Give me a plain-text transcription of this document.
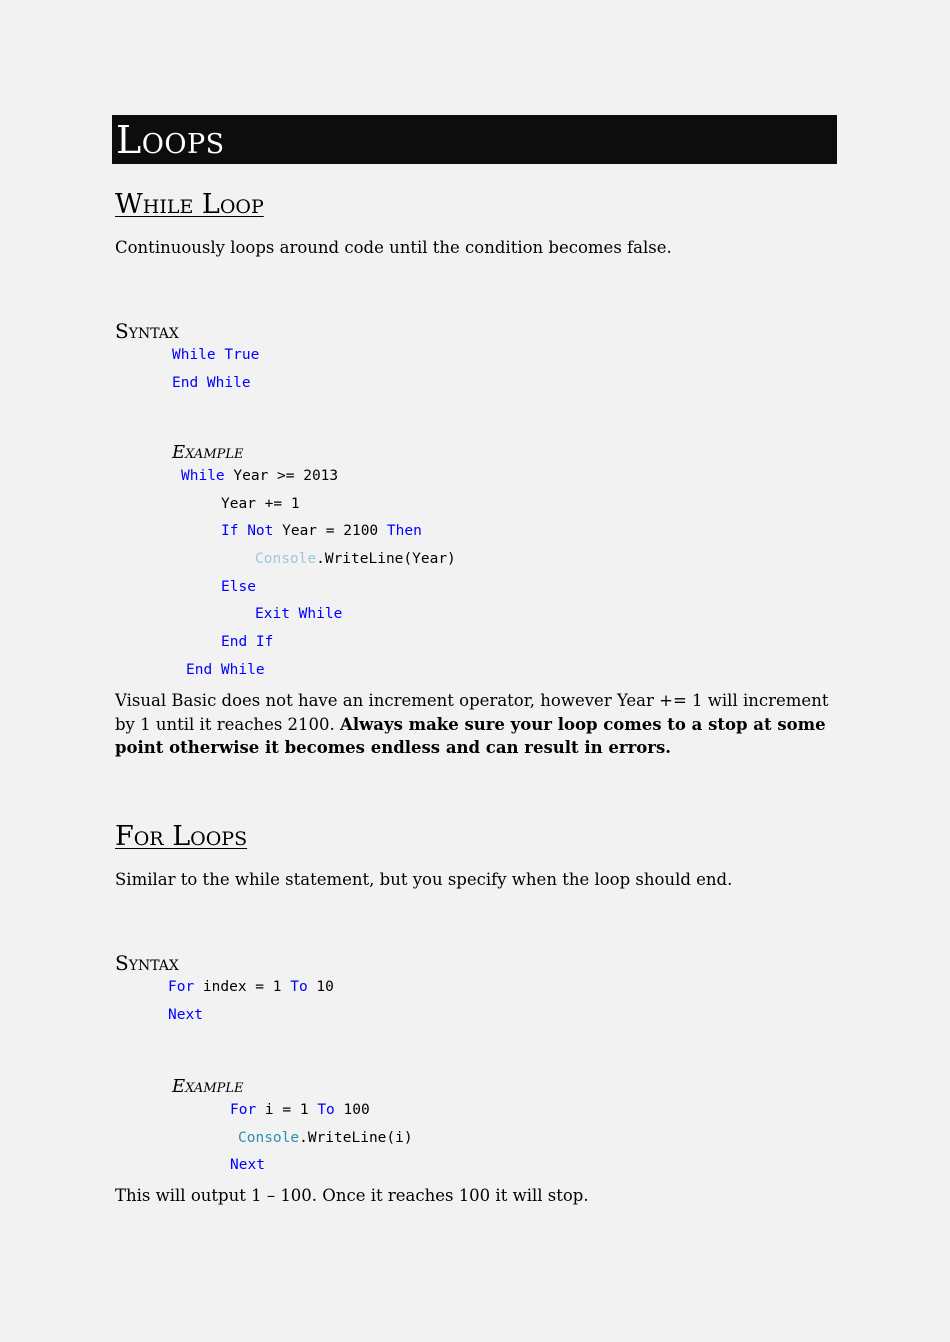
Loops
While Loop
Continuously loops around code until the condition becomes false.
Syntax
While True
End While
Example
While Year >= 2013
Year += 1
If Not Year = 2100 Then
Console.WriteLine(Year)
Else
Exit While
End If
End While
Visual Basic does not have an increment operator, however Year += 1 will increment by 1 until it reaches 2100. Always make sure your loop comes to a stop at some point otherwise it becomes endless and can result in errors.
For Loops
Similar to the while statement, but you specify when the loop should end.
Syntax
For index = 1 To 10
Next
Example
For i = 1 To 100
Console.WriteLine(i)
Next
This will output 1 – 100. Once it reaches 100 it will stop.
